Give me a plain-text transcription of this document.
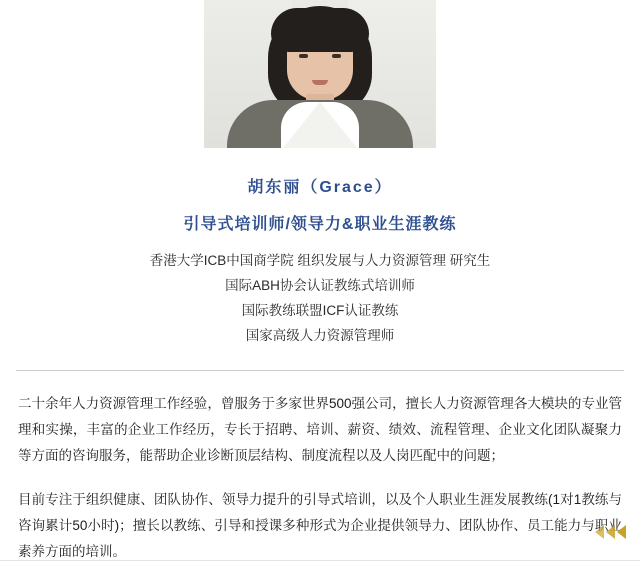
胡东丽（Grace）
引导式培训师/领导力&职业生涯教练
香港大学ICB中国商学院 组织发展与人力资源管理 研究生
国际ABH协会认证教练式培训师
国际教练联盟ICF认证教练
国家高级人力资源管理师
二十余年人力资源管理工作经验，曾服务于多家世界500强公司，擅长人力资源管理各大模块的专业管理和实操，丰富的企业工作经历，专长于招聘、培训、薪资、绩效、流程管理、企业文化团队凝聚力等方面的咨询服务，能帮助企业诊断顶层结构、制度流程以及人岗匹配中的问题；
目前专注于组织健康、团队协作、领导力提升的引导式培训，以及个人职业生涯发展教练(1对1教练与咨询累计50小时)；擅长以教练、引导和授课多种形式为企业提供领导力、团队协作、员工能力与职业素养方面的培训。
